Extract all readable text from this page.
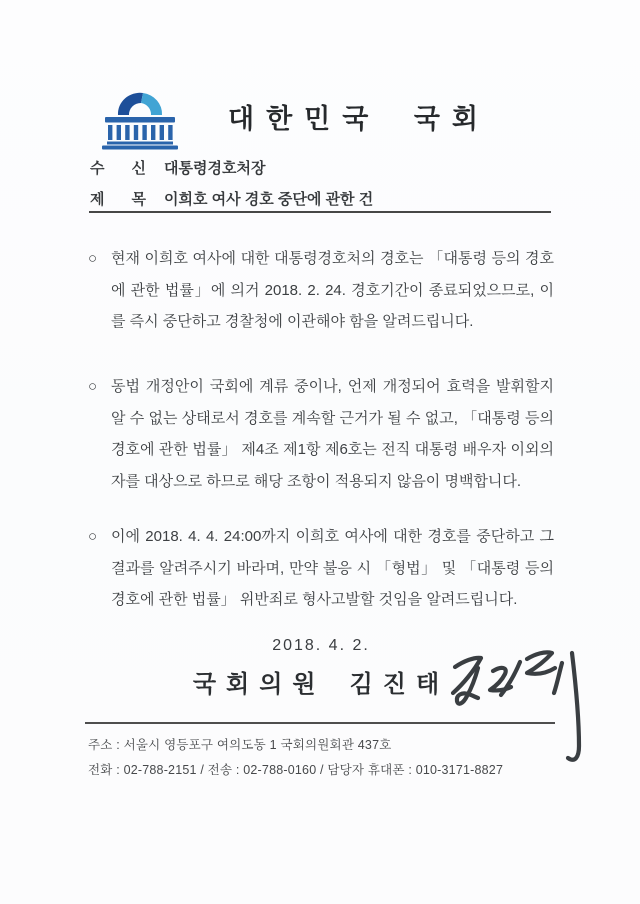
대한민국 국회
수 신 대통령경호처장
제 목 이희호 여사 경호 중단에 관한 건
○ 현재 이희호 여사에 대한 대통령경호처의 경호는 「대통령 등의 경호에 관한 법률」에 의거 2018. 2. 24. 경호기간이 종료되었으므로, 이를 즉시 중단하고 경찰청에 이관해야 함을 알려드립니다.
○ 동법 개정안이 국회에 계류 중이나, 언제 개정되어 효력을 발휘할지 알 수 없는 상태로서 경호를 계속할 근거가 될 수 없고, 「대통령 등의 경호에 관한 법률」 제4조 제1항 제6호는 전직 대통령 배우자 이외의 자를 대상으로 하므로 해당 조항이 적용되지 않음이 명백합니다.
○ 이에 2018. 4. 4. 24:00까지 이희호 여사에 대한 경호를 중단하고 그 결과를 알려주시기 바라며, 만약 불응 시 「형법」 및 「대통령 등의 경호에 관한 법률」 위반죄로 형사고발할 것임을 알려드립니다.
2018. 4. 2.
국회의원 김진태
주소 : 서울시 영등포구 여의도동 1 국회의원회관 437호
전화 : 02-788-2151 / 전송 : 02-788-0160 / 담당자 휴대폰 : 010-3171-8827
